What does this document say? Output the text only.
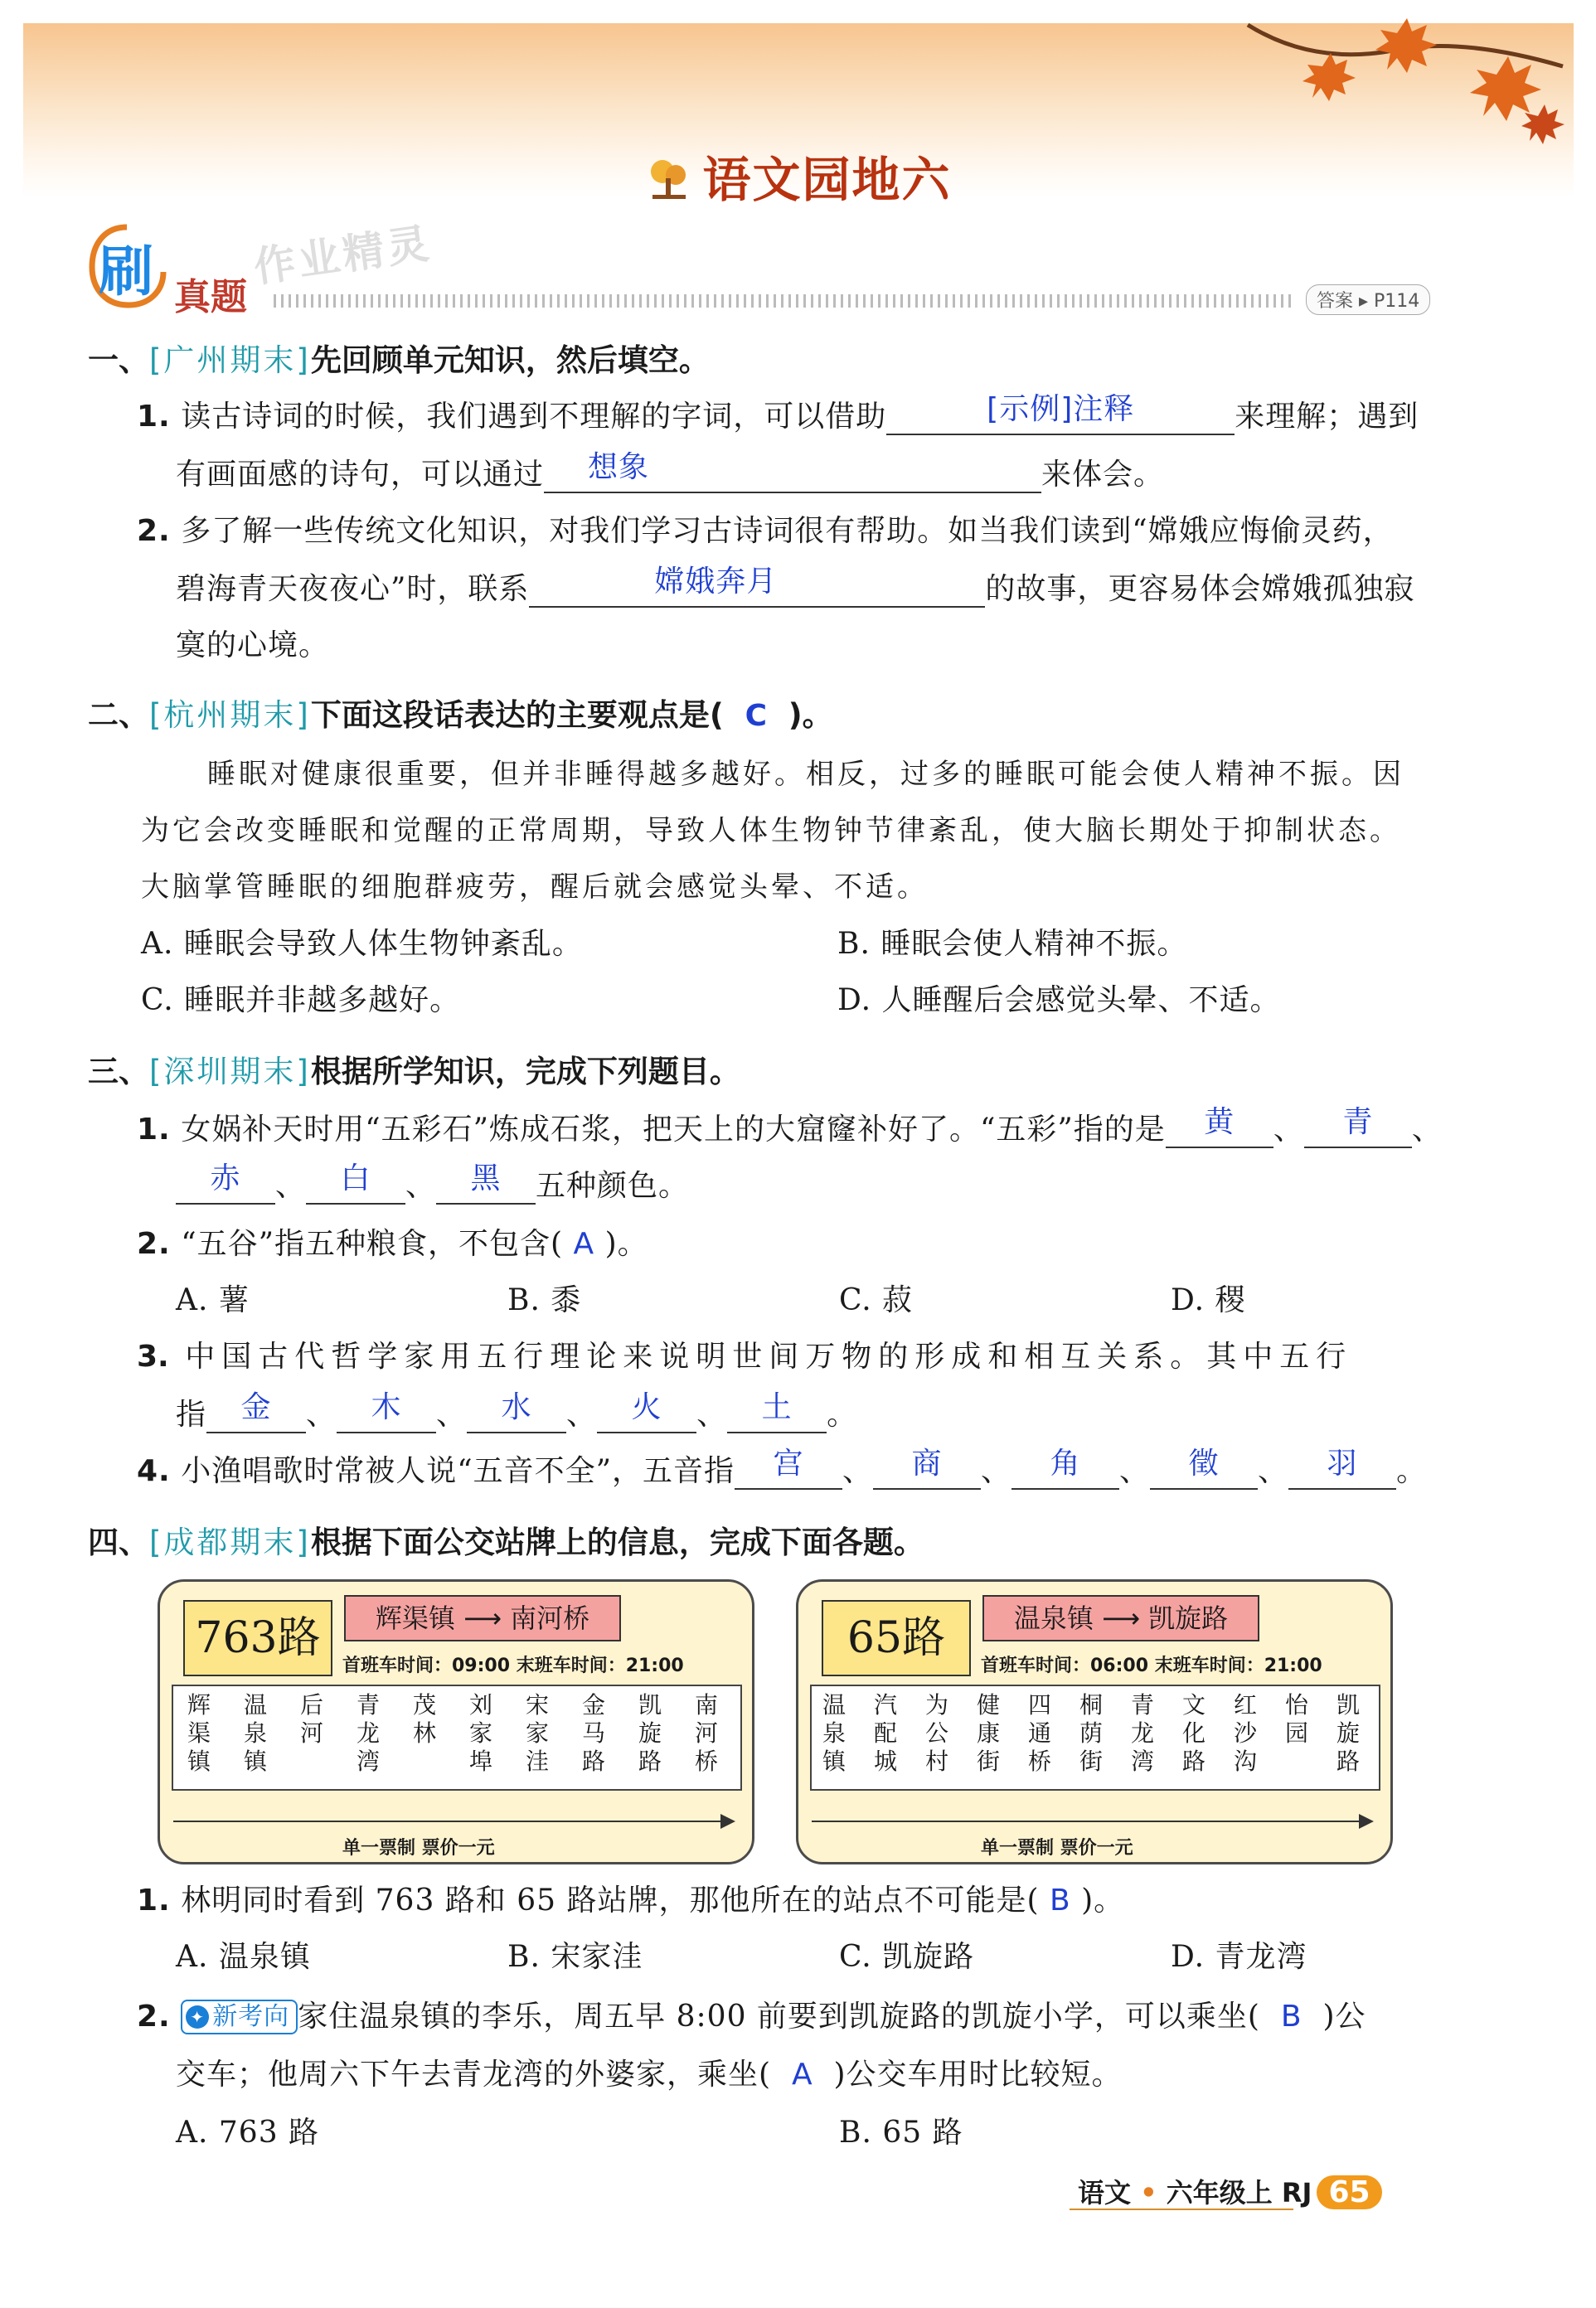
语文园地六
刷 真题
作业精灵
答案 ▸ P114
一、[广州期末]先回顾单元知识，然后填空。
1. 读古诗词的时候，我们遇到不理解的字词，可以借助	[示例]注释	来理解；遇到
有画面感的诗句，可以通过 想象	来体会。
2. 多了解一些传统文化知识，对我们学习古诗词很有帮助。如当我们读到“嫦娥应悔偷灵药，
碧海青天夜夜心”时，联系	嫦娥奔月	的故事，更容易体会嫦娥孤独寂
寞的心境。
二、[杭州期末]下面这段话表达的主要观点是( C )。
睡眠对健康很重要，但并非睡得越多越好。相反，过多的睡眠可能会使人精神不振。因
为它会改变睡眠和觉醒的正常周期，导致人体生物钟节律紊乱，使大脑长期处于抑制状态。
大脑掌管睡眠的细胞群疲劳，醒后就会感觉头晕、不适。
A. 睡眠会导致人体生物钟紊乱。	B. 睡眠会使人精神不振。
C. 睡眠并非越多越好。	D. 人睡醒后会感觉头晕、不适。
三、[深圳期末]根据所学知识，完成下列题目。
1. 女娲补天时用“五彩石”炼成石浆，把天上的大窟窿补好了。“五彩”指的是 黄 、 青 、
赤 、 白 、 黑 五种颜色。
2. “五谷”指五种粮食，不包含( A )。
A. 薯	B. 黍	C. 菽	D. 稷
3. 中国古代哲学家用五行理论来说明世间万物的形成和相互关系。其中五行
指 金 、 木 、 水 、 火 、 土 。
4. 小渔唱歌时常被人说“五音不全”，五音指 宫 、 商 、 角 、 徵 、 羽 。
四、[成都期末]根据下面公交站牌上的信息，完成下面各题。
763路	辉渠镇 ⟶ 南河桥
首班车时间：09:00 末班车时间：21:00
辉渠镇
温泉镇
后河
青龙湾
茂林
刘家埠
宋家洼
金马路
凯旋路
南河桥
单一票制 票价一元
65路	温泉镇 ⟶ 凯旋路
首班车时间：06:00 末班车时间：21:00
温泉镇
汽配城
为公村
健康街
四通桥
桐荫街
青龙湾
文化路
红沙沟
怡园
凯旋路
单一票制 票价一元
1. 林明同时看到 763 路和 65 路站牌，那他所在的站点不可能是( B )。
A. 温泉镇	B. 宋家洼	C. 凯旋路	D. 青龙湾
2. ✦ 新考向 家住温泉镇的李乐，周五早 8:00 前要到凯旋路的凯旋小学，可以乘坐( B )公
交车；他周六下午去青龙湾的外婆家，乘坐( A )公交车用时比较短。
A. 763 路	B. 65 路
语文 • 六年级上 RJ 65
